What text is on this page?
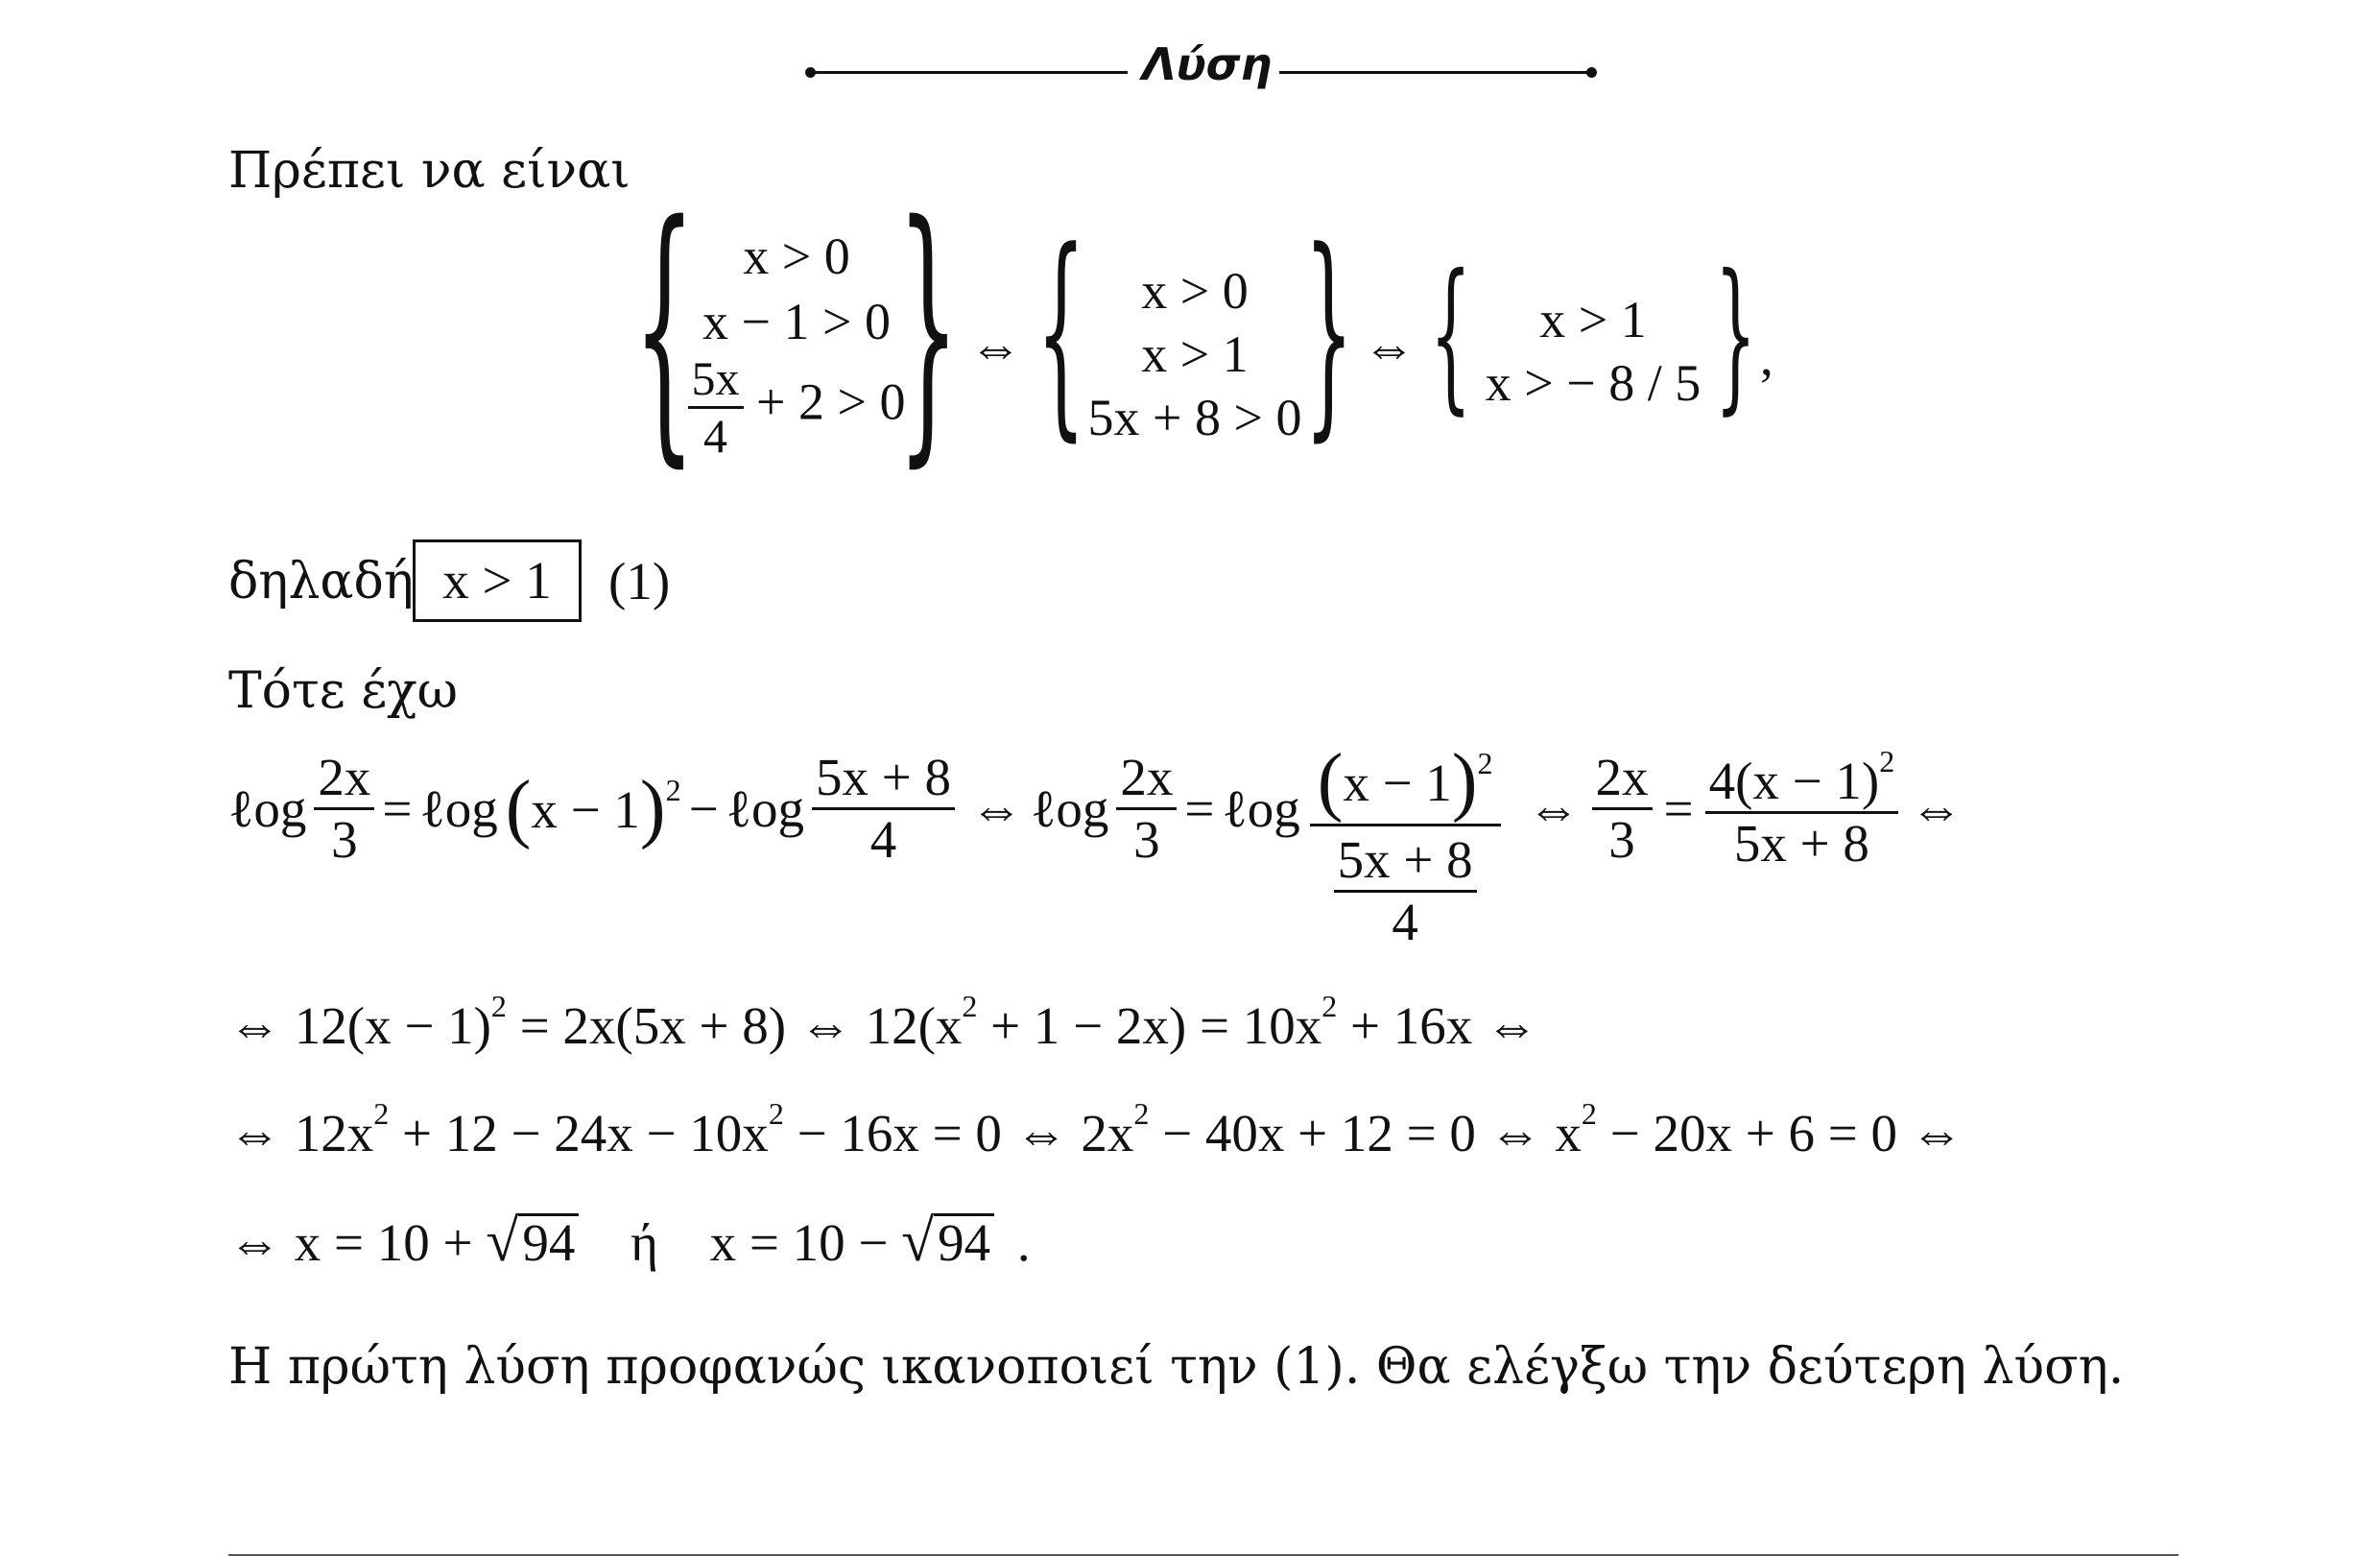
Λύση
Πρέπει να είναι { x > 0
x − 1 > 0
$\frac{5x}{4} + 2 > 0$
} ⇔ {	x > 0
x > 1
5x + 8 > 0 } ⇔ {	x > 1
x > − 8 / 5 } ,
δηλαδή x > 1	(1)
Τότε έχω
ℓog $\frac{2x}{3}$ = ℓog $(x - 1)^2$ − ℓog $\frac{5x + 8}{4}$ ⇔ ℓog $\frac{2x}{3}$ = ℓog $(x - 1)^2$
$\frac{5x + 8}{4}$
⇔ $\frac{2x}{3} = \frac{4(x - 1)^2}{5x + 8}$ ⇔
⇔ $12(x - 1)^2 = 2x(5x + 8)$ ⇔ $12(x^2 + 1 - 2x) = 10x^2 + 16x$ ⇔
⇔ $12x^2 + 12 - 24x - 10x^2 - 16x = 0$ ⇔ $2x^2 - 40x + 12 = 0$ ⇔ $x^2 - 20x + 6 = 0$ ⇔
⇔ x = 10 + √94 ή x = 10 − √94 .
Η πρώτη λύση προφανώς ικανοποιεί την (1). Θα ελέγξω την δεύτερη λύση.
